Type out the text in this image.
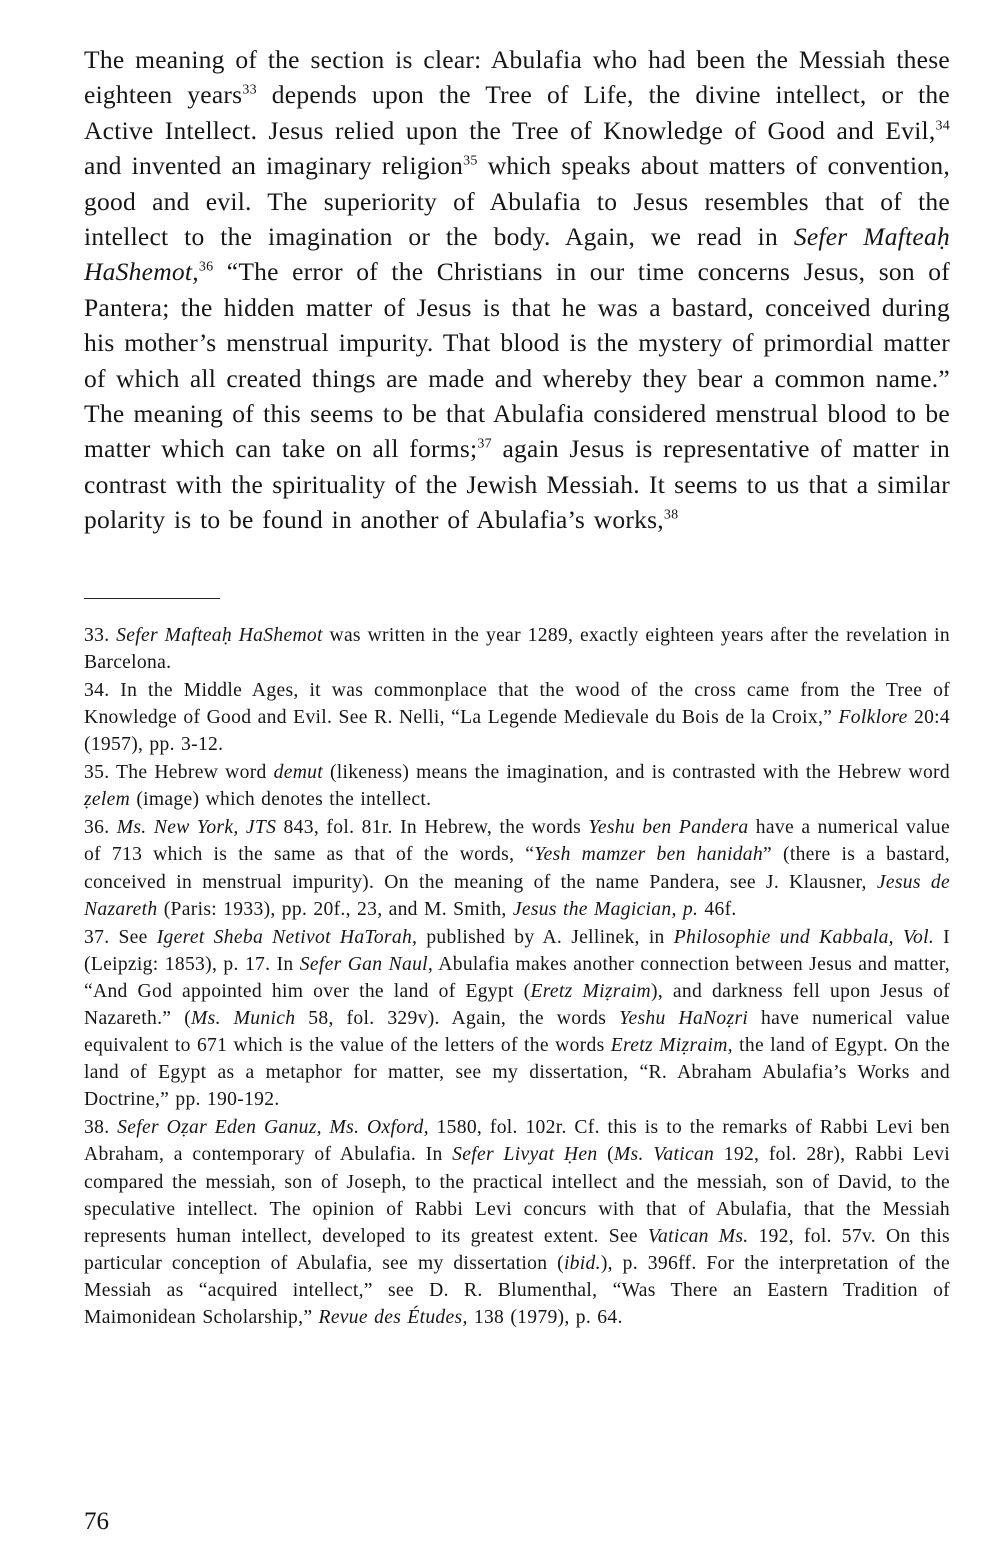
The meaning of the section is clear: Abulafia who had been the Messiah these eighteen years$^{33}$ depends upon the Tree of Life, the divine intellect, or the Active Intellect. Jesus relied upon the Tree of Knowledge of Good and Evil,$^{34}$ and invented an imaginary religion$^{35}$ which speaks about matters of convention, good and evil. The superiority of Abulafia to Jesus resembles that of the intellect to the imagination or the body. Again, we read in Sefer Mafteaḥ HaShemot,$^{36}$ “The error of the Christians in our time concerns Jesus, son of Pantera; the hidden matter of Jesus is that he was a bastard, conceived during his mother’s menstrual impurity. That blood is the mystery of primordial matter of which all created things are made and whereby they bear a common name.” The meaning of this seems to be that Abulafia considered menstrual blood to be matter which can take on all forms;$^{37}$ again Jesus is representative of matter in contrast with the spirituality of the Jewish Messiah. It seems to us that a similar polarity is to be found in another of Abulafia’s works,$^{38}$

33. Sefer Mafteaḥ HaShemot was written in the year 1289, exactly eighteen years after the revelation in Barcelona.

34. In the Middle Ages, it was commonplace that the wood of the cross came from the Tree of Knowledge of Good and Evil. See R. Nelli, “La Legende Medievale du Bois de la Croix,” Folklore 20:4 (1957), pp. 3-12.

35. The Hebrew word demut (likeness) means the imagination, and is contrasted with the Hebrew word ẓelem (image) which denotes the intellect.

36. Ms. New York, JTS 843, fol. 81r. In Hebrew, the words Yeshu ben Pandera have a numerical value of 713 which is the same as that of the words, “Yesh mamzer ben hanidah” (there is a bastard, conceived in menstrual impurity). On the meaning of the name Pandera, see J. Klausner, Jesus de Nazareth (Paris: 1933), pp. 20f., 23, and M. Smith, Jesus the Magician, p. 46f.

37. See Igeret Sheba Netivot HaTorah, published by A. Jellinek, in Philosophie und Kabbala, Vol. I (Leipzig: 1853), p. 17. In Sefer Gan Naul, Abulafia makes another connection between Jesus and matter, “And God appointed him over the land of Egypt (Eretz Miẓraim), and darkness fell upon Jesus of Nazareth.” (Ms. Munich 58, fol. 329v). Again, the words Yeshu HaNoẓri have numerical value equivalent to 671 which is the value of the letters of the words Eretz Miẓraim, the land of Egypt. On the land of Egypt as a metaphor for matter, see my dissertation, “R. Abraham Abulafia’s Works and Doctrine,” pp. 190-192.

38. Sefer Oẓar Eden Ganuz, Ms. Oxford, 1580, fol. 102r. Cf. this is to the remarks of Rabbi Levi ben Abraham, a contemporary of Abulafia. In Sefer Livyat Ḥen (Ms. Vatican 192, fol. 28r), Rabbi Levi compared the messiah, son of Joseph, to the practical intellect and the messiah, son of David, to the speculative intellect. The opinion of Rabbi Levi concurs with that of Abulafia, that the Messiah represents human intellect, developed to its greatest extent. See Vatican Ms. 192, fol. 57v. On this particular conception of Abulafia, see my dissertation (ibid.), p. 396ff. For the interpretation of the Messiah as “acquired intellect,” see D. R. Blumenthal, “Was There an Eastern Tradition of Maimonidean Scholarship,” Revue des Études, 138 (1979), p. 64.

76
